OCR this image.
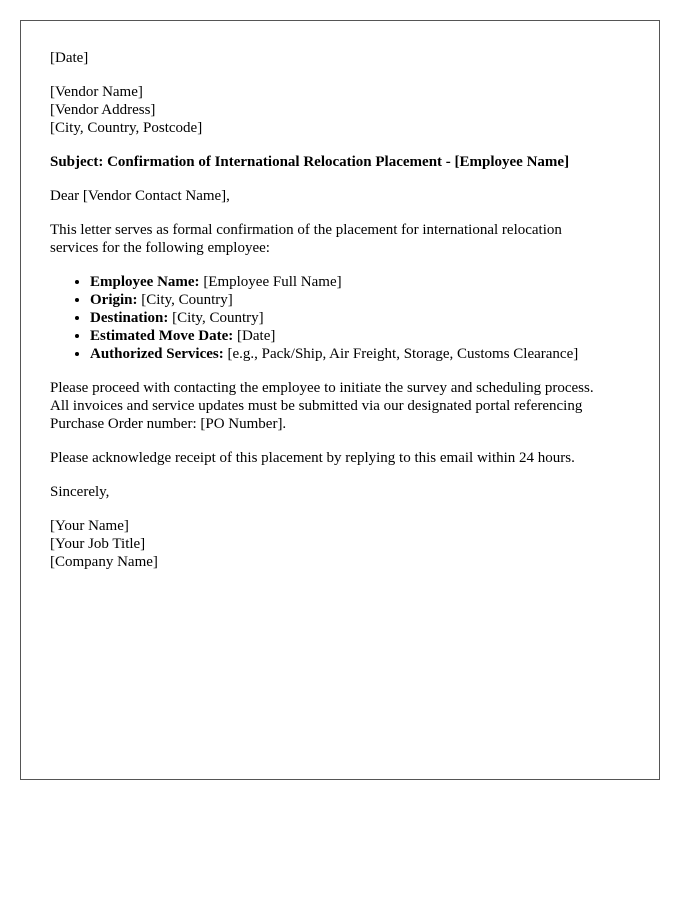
[Date]

[Vendor Name]
[Vendor Address]
[City, Country, Postcode]

Subject: Confirmation of International Relocation Placement - [Employee Name]

Dear [Vendor Contact Name],

This letter serves as formal confirmation of the placement for international relocation
services for the following employee:

• Employee Name: [Employee Full Name]
• Origin: [City, Country]
• Destination: [City, Country]
• Estimated Move Date: [Date]
• Authorized Services: [e.g., Pack/Ship, Air Freight, Storage, Customs Clearance]

Please proceed with contacting the employee to initiate the survey and scheduling process.
All invoices and service updates must be submitted via our designated portal referencing
Purchase Order number: [PO Number].

Please acknowledge receipt of this placement by replying to this email within 24 hours.

Sincerely,

[Your Name]
[Your Job Title]
[Company Name]
